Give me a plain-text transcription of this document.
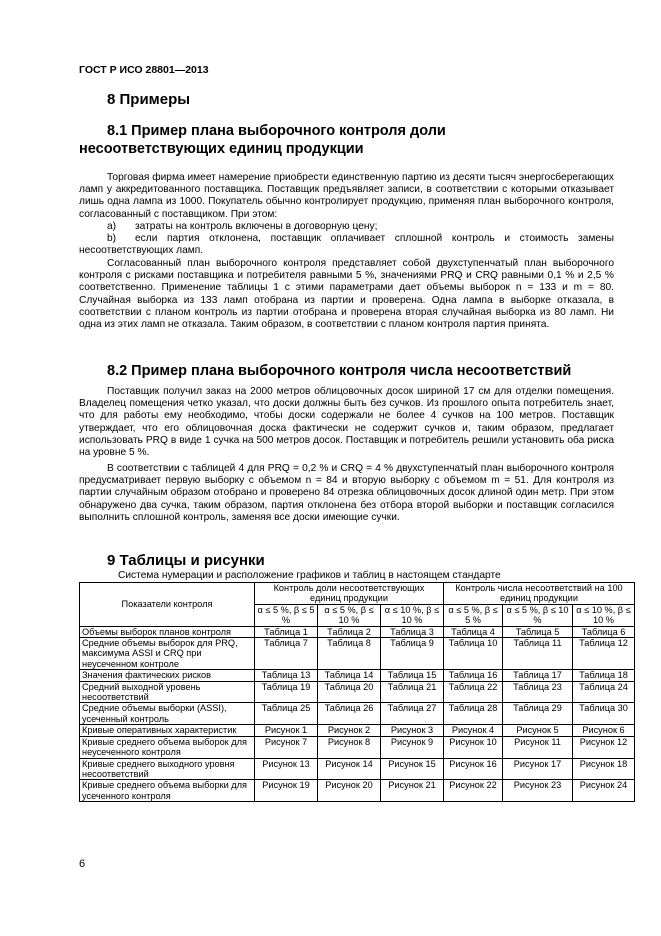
ГОСТ Р ИСО 28801—2013
8 Примеры
8.1 Пример плана выборочного контроля доли
несоответствующих единиц продукции
Торговая фирма имеет намерение приобрести единственную партию из десяти тысяч энергосберегающих ламп у аккредитованного поставщика. Поставщик предъявляет записи, в соответствии с которыми отказывает лишь одна лампа из 1000. Покупатель обычно контролирует продукцию, применяя план выборочного контроля, согласованный с поставщиком. При этом:
a) затраты на контроль включены в договорную цену;
b) если партия отклонена, поставщик оплачивает сплошной контроль и стоимость замены несоответствующих ламп.
Согласованный план выборочного контроля представляет собой двухступенчатый план выборочного контроля с рисками поставщика и потребителя равными 5 %, значениями PRQ и CRQ равными 0,1 % и 2,5 % соответственно. Применение таблицы 1 с этими параметрами дает объемы выборок n = 133 и m = 80. Случайная выборка из 133 ламп отобрана из партии и проверена. Одна лампа в выборке отказала, в соответствии с планом контроль из партии отобрана и проверена вторая случайная выборка из 80 ламп. Ни одна из этих ламп не отказала. Таким образом, в соответствии с планом контроля партия принята.
8.2 Пример плана выборочного контроля числа несоответствий
Поставщик получил заказ на 2000 метров облицовочных досок шириной 17 см для отделки помещения. Владелец помещения четко указал, что доски должны быть без сучков. Из прошлого опыта потребитель знает, что для работы ему необходимо, чтобы доски содержали не более 4 сучков на 100 метров. Поставщик утверждает, что его облицовочная доска фактически не содержит сучков и, таким образом, предлагает использовать PRQ в виде 1 сучка на 500 метров досок. Поставщик и потребитель решили установить оба риска на уровне 5 %.
В соответствии с таблицей 4 для PRQ = 0,2 % и CRQ = 4 % двухступенчатый план выборочного контроля предусматривает первую выборку с объемом n = 84 и вторую выборку с объемом m = 51. Для контроля из партии случайным образом отобрано и проверено 84 отрезка облицовочных досок длиной один метр. При этом обнаружено два сучка, таким образом, партия отклонена без отбора второй выборки и поставщик согласился выполнить сплошной контроль, заменяя все доски имеющие сучки.
9 Таблицы и рисунки
Система нумерации и расположение графиков и таблиц в настоящем стандарте
Показатели контроля	Контроль доли несоответствующих единиц продукции			Контроль числа несоответствий на 100 единиц продукции		
	α ≤ 5 %, β ≤ 5 %	α ≤ 5 %, β ≤ 10 %	α ≤ 10 %, β ≤ 10 %	α ≤ 5 %, β ≤ 5 %	α ≤ 5 %, β ≤ 10 %	α ≤ 10 %, β ≤ 10 %
Объемы выборок планов контроля	Таблица 1	Таблица 2	Таблица 3	Таблица 4	Таблица 5	Таблица 6
Средние объемы выборок для PRQ, максимума ASSI и CRQ при неусеченном контроле	Таблица 7	Таблица 8	Таблица 9	Таблица 10	Таблица 11	Таблица 12
Значения фактических рисков	Таблица 13	Таблица 14	Таблица 15	Таблица 16	Таблица 17	Таблица 18
Средний выходной уровень несоответствий	Таблица 19	Таблица 20	Таблица 21	Таблица 22	Таблица 23	Таблица 24
Средние объемы выборки (ASSI), усеченный контроль	Таблица 25	Таблица 26	Таблица 27	Таблица 28	Таблица 29	Таблица 30
Кривые оперативных характеристик	Рисунок 1	Рисунок 2	Рисунок 3	Рисунок 4	Рисунок 5	Рисунок 6
Кривые среднего объема выборок для неусеченного контроля	Рисунок 7	Рисунок 8	Рисунок 9	Рисунок 10	Рисунок 11	Рисунок 12
Кривые среднего выходного уровня несоответствий	Рисунок 13	Рисунок 14	Рисунок 15	Рисунок 16	Рисунок 17	Рисунок 18
Кривые среднего объема выборки для усеченного контроля	Рисунок 19	Рисунок 20	Рисунок 21	Рисунок 22	Рисунок 23	Рисунок 24
6
